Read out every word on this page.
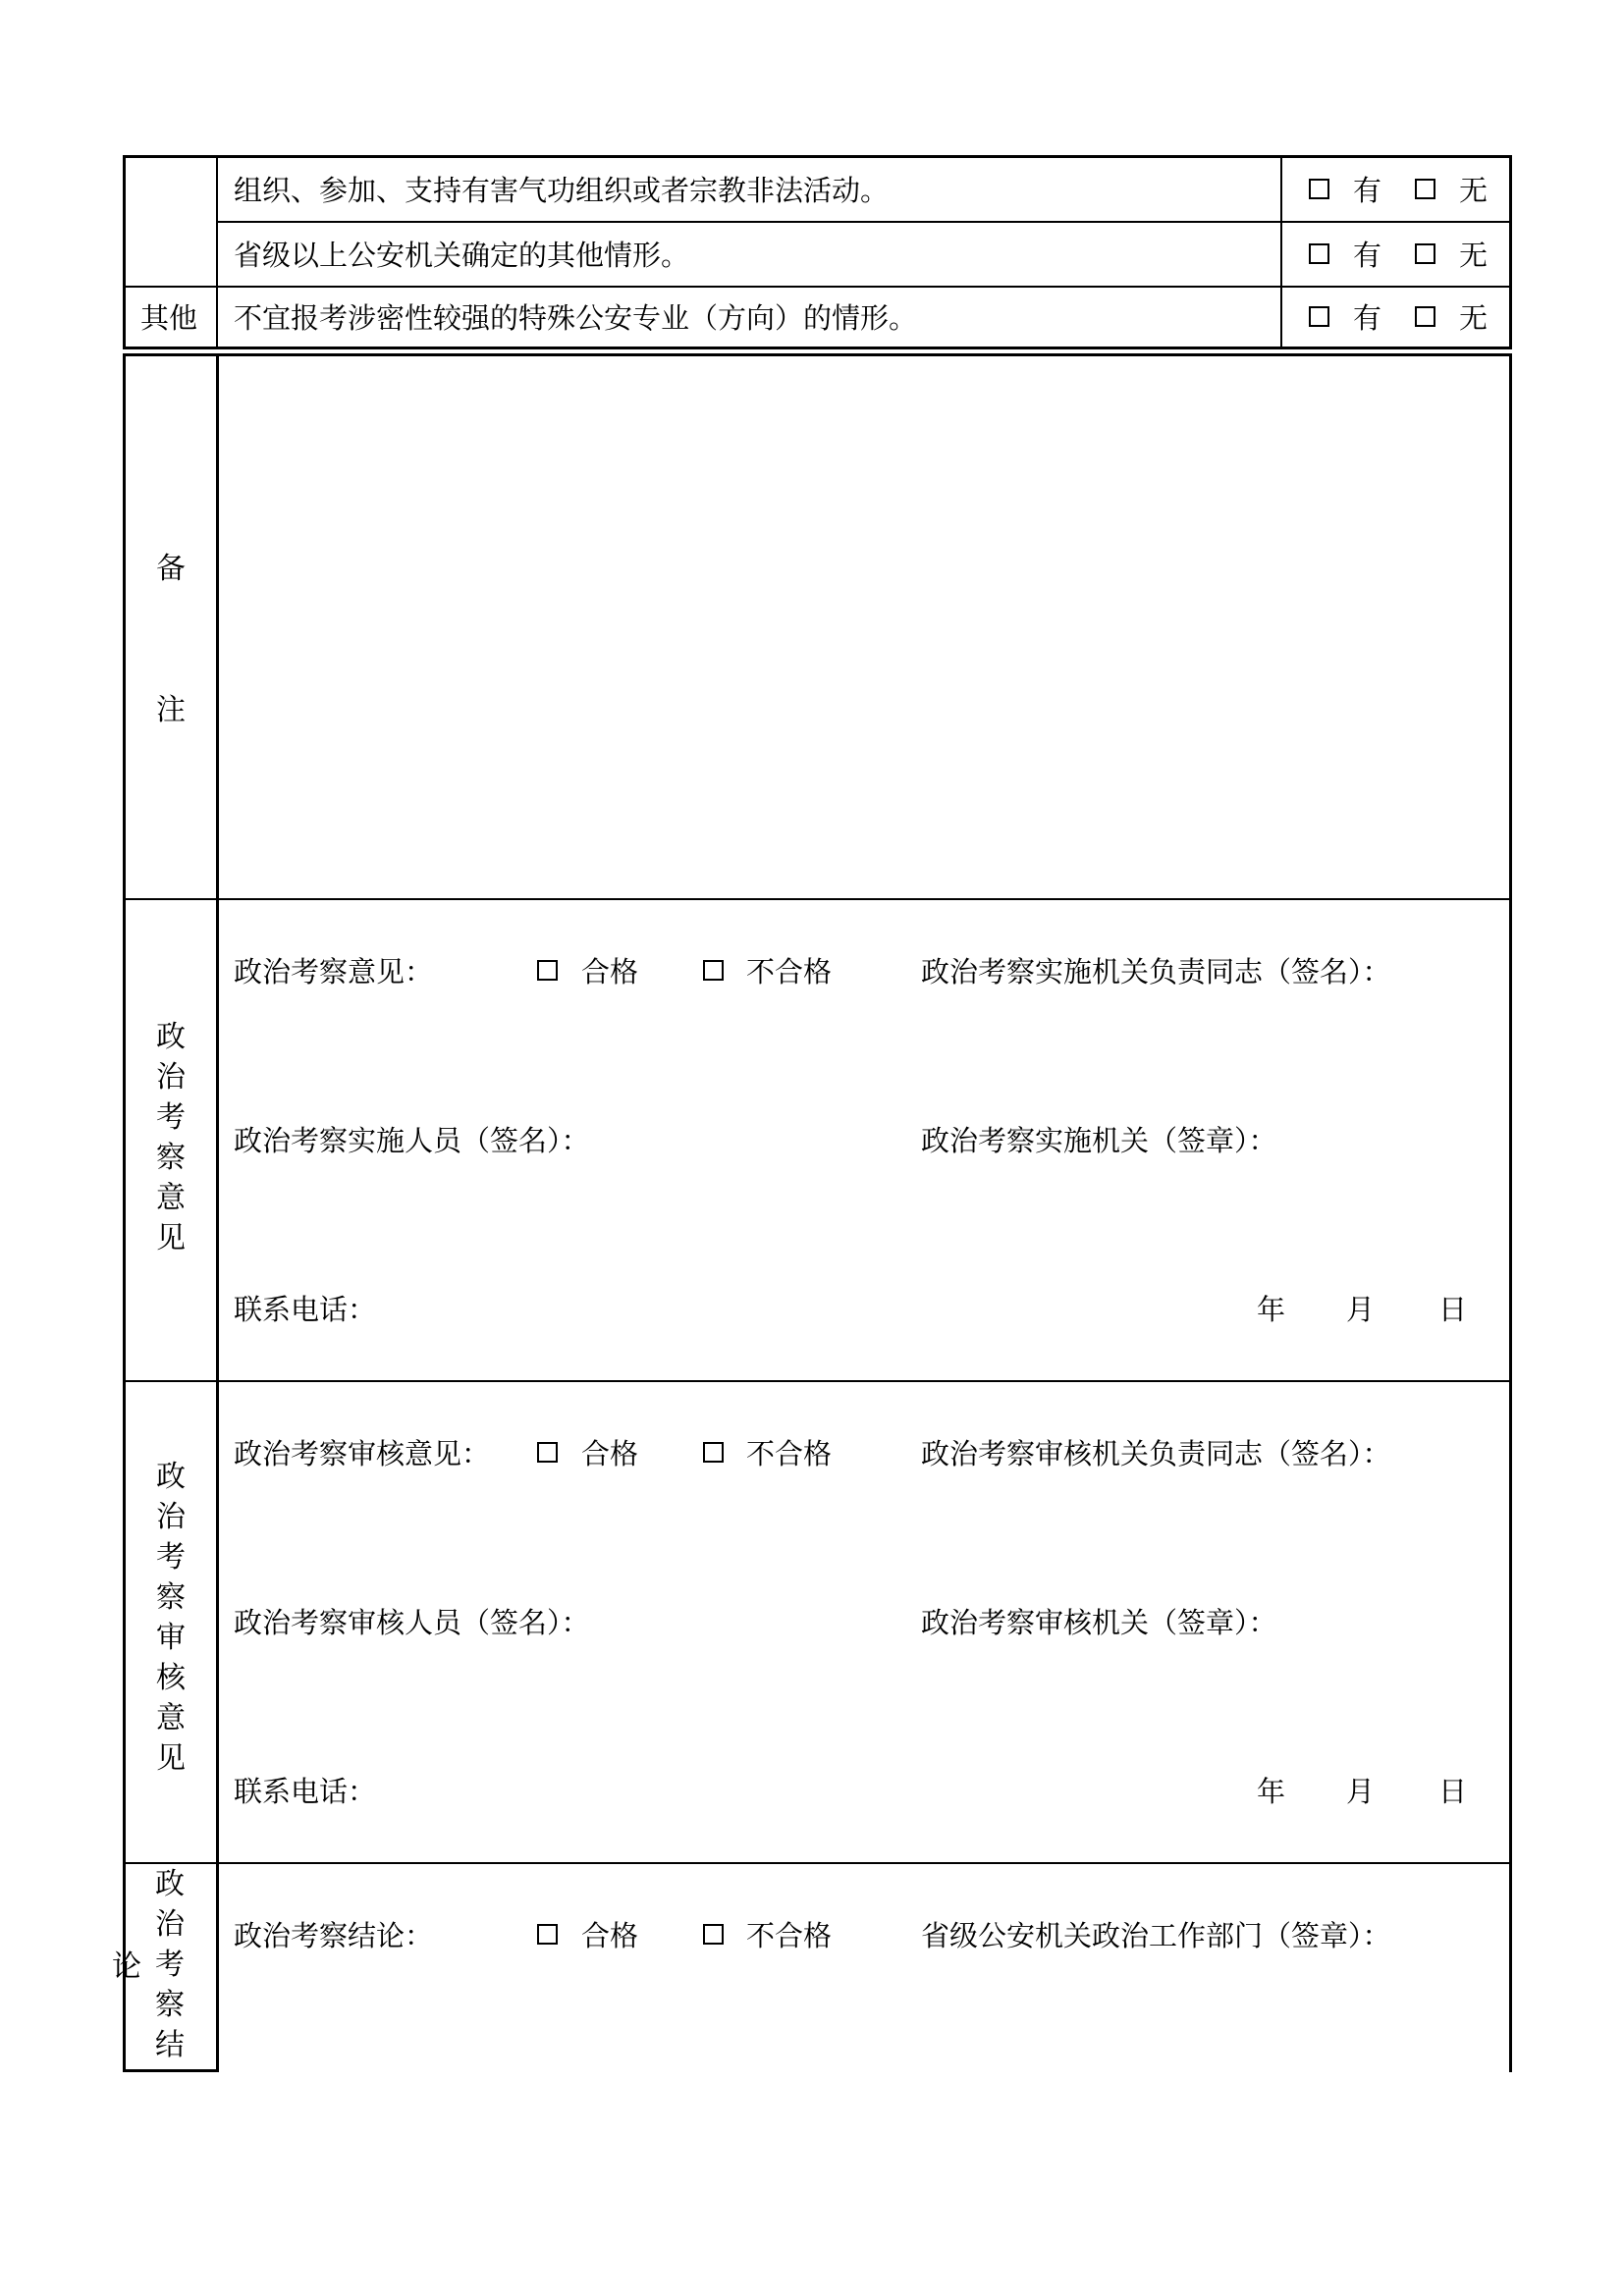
组织、参加、支持有害气功组织或者宗教非法活动。	有	无
省级以上公安机关确定的其他情形。	有	无
其他 不宜报考涉密性较强的特殊公安专业（方向）的情形。	有	无
备
注
政
治
考
察
意
见
政治考察意见：	合格	不合格	政治考察实施机关负责同志（签名）：
政治考察实施人员（签名）：	政治考察实施机关（签章）：
联系电话：	年 月 日
政
治
考
察
审
核
意
见
政治考察审核意见：	合格	不合格	政治考察审核机关负责同志（签名）：
政治考察审核人员（签名）：	政治考察审核机关（签章）：
联系电话：	年 月 日
政
治
考
察
结
论
政治考察结论：	合格	不合格	省级公安机关政治工作部门（签章）：
